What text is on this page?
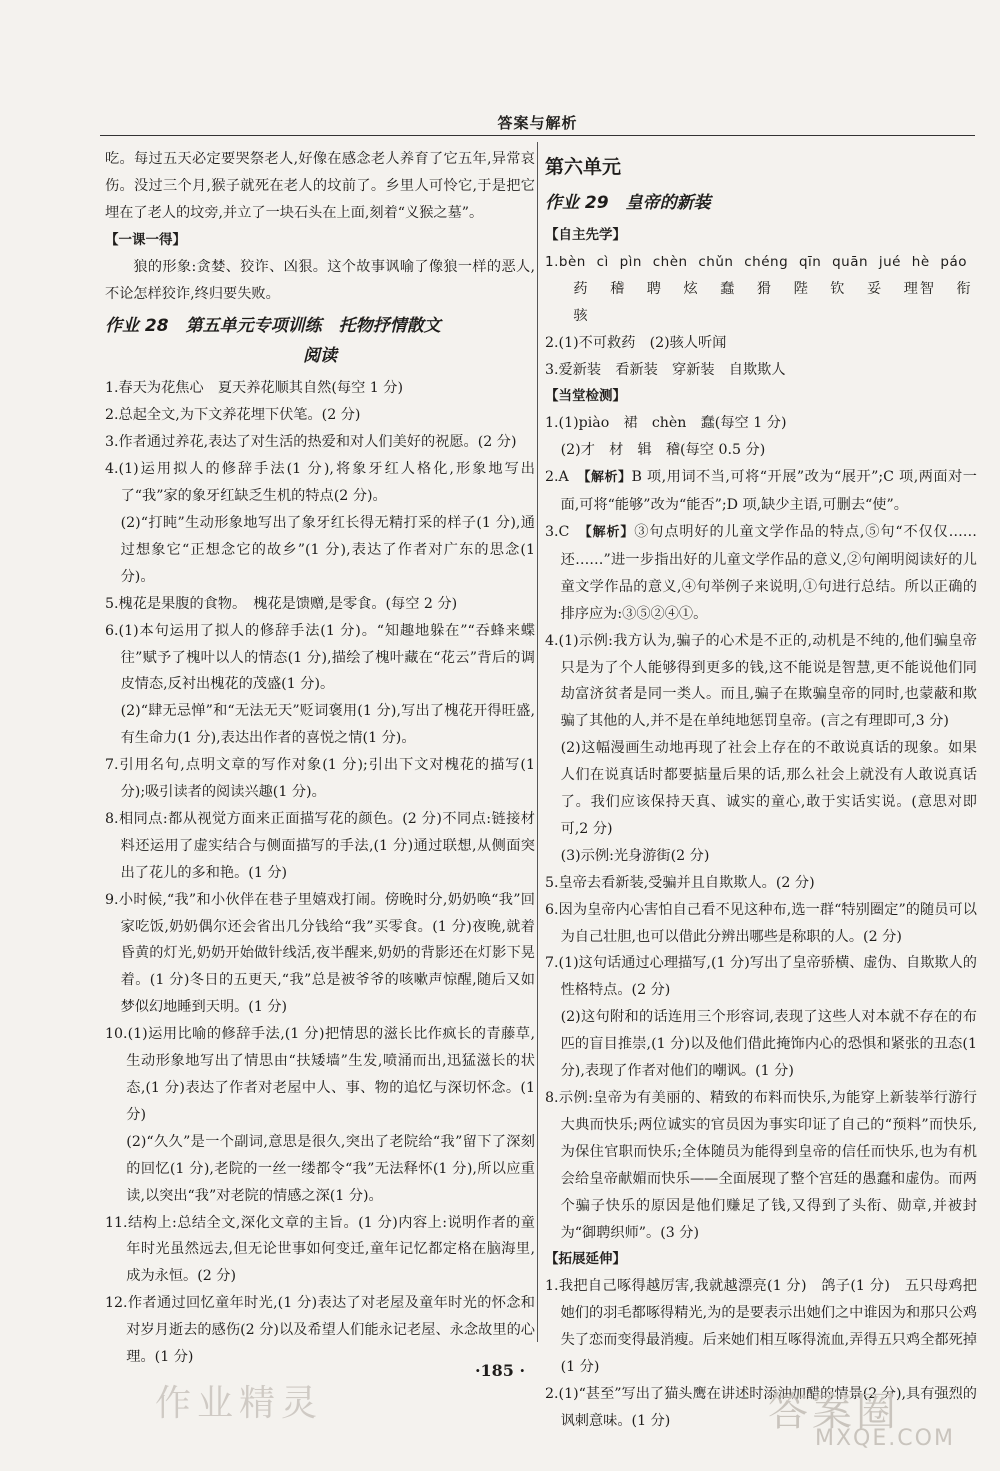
答案与解析
吃。每过五天必定要哭祭老人,好像在感念老人养育了它五年,异常哀伤。没过三个月,猴子就死在老人的坟前了。乡里人可怜它,于是把它埋在了老人的坟旁,并立了一块石头在上面,刻着“义猴之墓”。
【一课一得】
狼的形象:贪婪、狡诈、凶狠。这个故事讽喻了像狼一样的恶人,不论怎样狡诈,终归要失败。
作业 28　第五单元专项训练　托物抒情散文
阅读
1.春天为花焦心　夏天养花顺其自然(每空 1 分)
2.总起全文,为下文养花埋下伏笔。(2 分)
3.作者通过养花,表达了对生活的热爱和对人们美好的祝愿。(2 分)
4.(1)运用拟人的修辞手法(1 分),将象牙红人格化,形象地写出了“我”家的象牙红缺乏生机的特点(2 分)。
(2)“打盹”生动形象地写出了象牙红长得无精打采的样子(1 分),通过想象它“正想念它的故乡”(1 分),表达了作者对广东的思念(1 分)。
5.槐花是果腹的食物。　槐花是馈赠,是零食。(每空 2 分)
6.(1)本句运用了拟人的修辞手法(1 分)。“知趣地躲在”“吞蜂来蝶往”赋予了槐叶以人的情态(1 分),描绘了槐叶藏在“花云”背后的调皮情态,反衬出槐花的茂盛(1 分)。
(2)“肆无忌惮”和“无法无天”贬词褒用(1 分),写出了槐花开得旺盛,有生命力(1 分),表达出作者的喜悦之情(1 分)。
7.引用名句,点明文章的写作对象(1 分);引出下文对槐花的描写(1 分);吸引读者的阅读兴趣(1 分)。
8.相同点:都从视觉方面来正面描写花的颜色。(2 分)不同点:链接材料还运用了虚实结合与侧面描写的手法,(1 分)通过联想,从侧面突出了花儿的多和艳。(1 分)
9.小时候,“我”和小伙伴在巷子里嬉戏打闹。傍晚时分,奶奶唤“我”回家吃饭,奶奶偶尔还会省出几分钱给“我”买零食。(1 分)夜晚,就着昏黄的灯光,奶奶开始做针线活,夜半醒来,奶奶的背影还在灯影下晃着。(1 分)冬日的五更天,“我”总是被爷爷的咳嗽声惊醒,随后又如梦似幻地睡到天明。(1 分)
10.(1)运用比喻的修辞手法,(1 分)把情思的滋长比作疯长的青藤草,生动形象地写出了情思由“扶矮墙”生发,喷涌而出,迅猛滋长的状态,(1 分)表达了作者对老屋中人、事、物的追忆与深切怀念。(1 分)
(2)“久久”是一个副词,意思是很久,突出了老院给“我”留下了深刻的回忆(1 分),老院的一丝一缕都令“我”无法释怀(1 分),所以应重读,以突出“我”对老院的情感之深(1 分)。
11.结构上:总结全文,深化文章的主旨。(1 分)内容上:说明作者的童年时光虽然远去,但无论世事如何变迁,童年记忆都定格在脑海里,成为永恒。(2 分)
12.作者通过回忆童年时光,(1 分)表达了对老屋及童年时光的怀念和对岁月逝去的感伤(2 分)以及希望人们能永记老屋、永念故里的心理。(1 分)
第六单元
作业 29　皇帝的新装
【自主先学】
1.bèn cì pìn chèn chǔn chéng qīn quān jué hè páo
药 稽 聘 炫 蠢 猾 陛 钦 妥 理智 衔 骇
2.(1)不可救药　(2)骇人听闻
3.爱新装　看新装　穿新装　自欺欺人
【当堂检测】
1.(1)piào　裙　chèn　蠢(每空 1 分)
(2)才　材　辑　稽(每空 0.5 分)
2.A　【解析】B 项,用词不当,可将“开展”改为“展开”;C 项,两面对一面,可将“能够”改为“能否”;D 项,缺少主语,可删去“使”。
3.C　【解析】③句点明好的儿童文学作品的特点,⑤句“不仅仅……还……”进一步指出好的儿童文学作品的意义,②句阐明阅读好的儿童文学作品的意义,④句举例子来说明,①句进行总结。所以正确的排序应为:③⑤②④①。
4.(1)示例:我方认为,骗子的心术是不正的,动机是不纯的,他们骗皇帝只是为了个人能够得到更多的钱,这不能说是智慧,更不能说他们同劫富济贫者是同一类人。而且,骗子在欺骗皇帝的同时,也蒙蔽和欺骗了其他的人,并不是在单纯地惩罚皇帝。(言之有理即可,3 分)
(2)这幅漫画生动地再现了社会上存在的不敢说真话的现象。如果人们在说真话时都要掂量后果的话,那么社会上就没有人敢说真话了。我们应该保持天真、诚实的童心,敢于实话实说。(意思对即可,2 分)
(3)示例:光身游街(2 分)
5.皇帝去看新装,受骗并且自欺欺人。(2 分)
6.因为皇帝内心害怕自己看不见这种布,选一群“特别圈定”的随员可以为自己壮胆,也可以借此分辨出哪些是称职的人。(2 分)
7.(1)这句话通过心理描写,(1 分)写出了皇帝骄横、虚伪、自欺欺人的性格特点。(2 分)
(2)这句附和的话连用三个形容词,表现了这些人对本就不存在的布匹的盲目推崇,(1 分)以及他们借此掩饰内心的恐惧和紧张的丑态(1 分),表现了作者对他们的嘲讽。(1 分)
8.示例:皇帝为有美丽的、精致的布料而快乐,为能穿上新装举行游行大典而快乐;两位诚实的官员因为事实印证了自己的“预料”而快乐,为保住官职而快乐;全体随员为能得到皇帝的信任而快乐,也为有机会给皇帝献媚而快乐——全面展现了整个宫廷的愚蠢和虚伪。而两个骗子快乐的原因是他们赚足了钱,又得到了头衔、勋章,并被封为“御聘织师”。(3 分)
【拓展延伸】
1.我把自己啄得越厉害,我就越漂亮(1 分)　鸽子(1 分)　五只母鸡把她们的羽毛都啄得精光,为的是要表示出她们之中谁因为和那只公鸡失了恋而变得最消瘦。后来她们相互啄得流血,弄得五只鸡全都死掉(1 分)
2.(1)“甚至”写出了猫头鹰在讲述时添油加醋的情景(2 分),具有强烈的讽刺意味。(1 分)
·185 ·
作业精灵	答案圈
MXQE.COM
